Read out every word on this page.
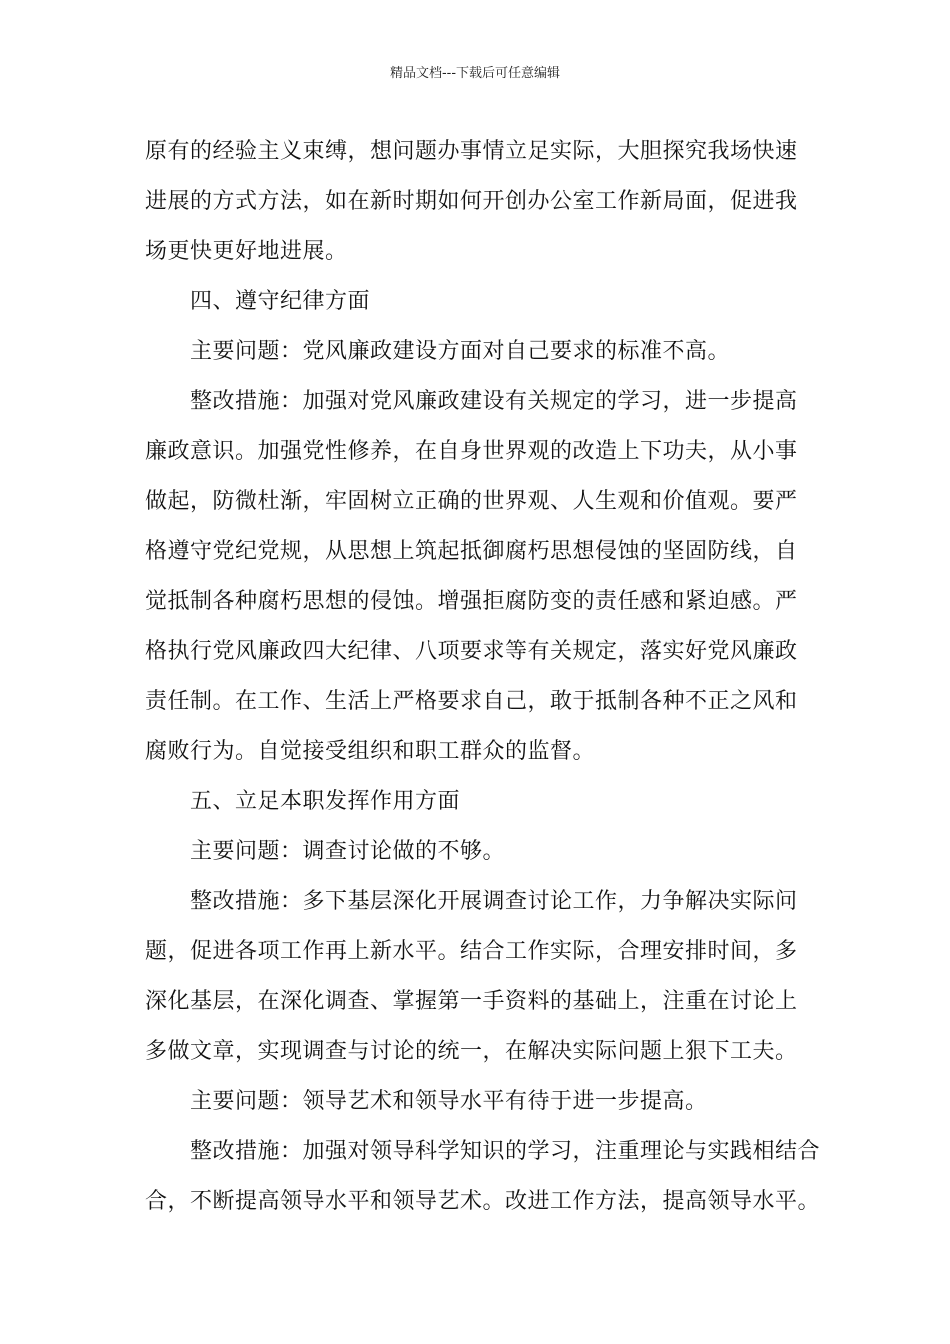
精品文档---下载后可任意编辑
原有的经验主义束缚，想问题办事情立足实际，大胆探究我场快速
进展的方式方法，如在新时期如何开创办公室工作新局面，促进我
场更快更好地进展。
四、遵守纪律方面
主要问题：党风廉政建设方面对自己要求的标准不高。
整改措施：加强对党风廉政建设有关规定的学习，进一步提高
廉政意识。加强党性修养，在自身世界观的改造上下功夫，从小事
做起，防微杜渐，牢固树立正确的世界观、人生观和价值观。要严
格遵守党纪党规，从思想上筑起抵御腐朽思想侵蚀的坚固防线，自
觉抵制各种腐朽思想的侵蚀。增强拒腐防变的责任感和紧迫感。严
格执行党风廉政四大纪律、八项要求等有关规定，落实好党风廉政
责任制。在工作、生活上严格要求自己，敢于抵制各种不正之风和
腐败行为。自觉接受组织和职工群众的监督。
五、立足本职发挥作用方面
主要问题：调查讨论做的不够。
整改措施：多下基层深化开展调查讨论工作，力争解决实际问
题，促进各项工作再上新水平。结合工作实际，合理安排时间，多
深化基层，在深化调查、掌握第一手资料的基础上，注重在讨论上
多做文章，实现调查与讨论的统一，在解决实际问题上狠下工夫。
主要问题：领导艺术和领导水平有待于进一步提高。
整改措施：加强对领导科学知识的学习，注重理论与实践相结合
合，不断提高领导水平和领导艺术。改进工作方法，提高领导水平。
